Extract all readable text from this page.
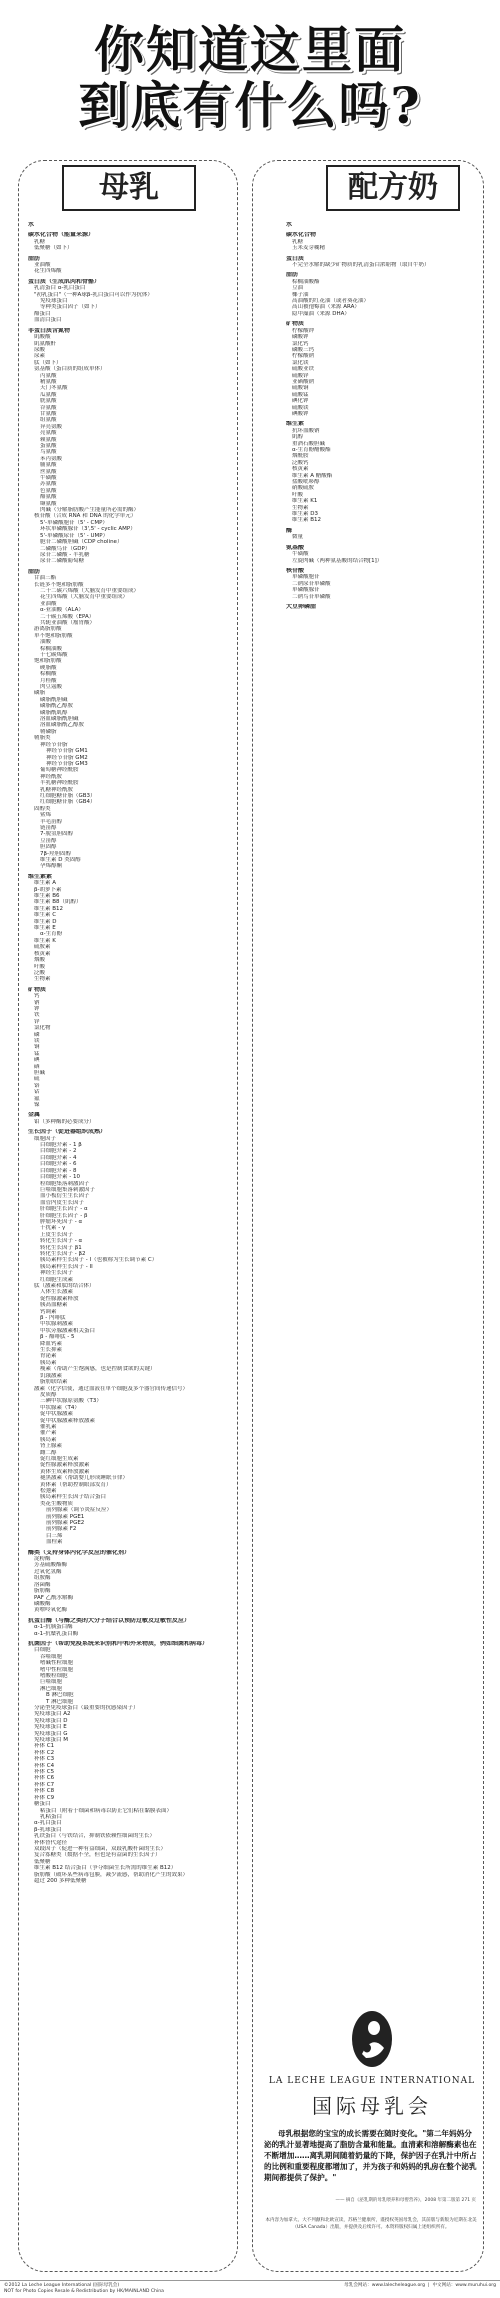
你知道这里面
到底有什么吗?
母乳	配方奶
水
碳水化合物（能量来源）
乳糖
低聚糖（如下）
脂肪
亚油酸
花生四烯酸
蛋白质（生成肌肉和骨骼）
乳清蛋白 α-乳白蛋白
"初乳蛋白"（一种A球β-乳白蛋白可以作为抗体）
免疫球蛋白
等种类蛋白因子（如下）
酪蛋白
血清白蛋白
非蛋白质含氮物
肌酸酸
肌氨酸酐
尿酸
尿素
肽（如下）
氨基酸（蛋白质的组成单体）
丙氨酸
精氨酸
天门冬氨酸
瓜氨酸
胱氨酸
谷氨酸
甘氨酸
组氨酸
异亮氨酸
亮氨酸
赖氨酸
蛋氨酸
鸟氨酸
苯丙氨酸
脯氨酸
丝氨酸
牛磺酸
苏氨酸
色氨酸
酪氨酸
缬氨酸
肉碱（分解脂肪酸产生能量所必需的酶）
核苷酸（合成 RNA 和 DNA 的化学单元）
5'-单磷酸胞苷（5' - CMP）
环状单磷酸腺苷（3',5' - cyclic AMP）
5'-单磷酸尿苷（5' - UMP）
胞苷二磷酸胆碱（CDP choline）
二磷酸鸟苷（GDP）
尿苷二磷酸 - 半乳糖
尿苷二磷酸葡萄糖
脂肪
甘油三酯
长链多不饱和脂肪酸
二十二碳六烯酸（大脑发育中重要组成）
花生四烯酸（大脑发育中重要组成）
亚油酸
α-亚油酸（ALA）
二十碳五烯酸（EPA）
共轭亚油酸（瘤胃酸）
游离脂肪酸
单不饱和脂肪酸
油酸
棕榈油酸
十七碳烯酸
饱和脂肪酸
硬脂酸
棕榈酸
月桂酸
肉豆蔻酸
磷脂
磷脂酰胆碱
磷脂酰乙醇胺
磷脂酰肌醇
溶血磷脂酰胆碱
溶血磷脂酰乙醇胺
鞘磷脂
鞘脂类
神经节苷脂
神经节苷脂 GM1
神经节苷脂 GM2
神经节苷脂 GM3
葡萄糖神经酰胺
神经酰胺
半乳糖神经酰胺
乳糖神经酰胺
红细胞糖苷脂（GB3）
红细胞糖苷脂（GB4）
固醇类
鲨烯
羊毛甾醇
链甾醇
7-脱氢胆固醇
豆甾醇
胆固醇
7β-羟胆固醇
维生素 D 类固醇
孕烯醇酮
维生素素
维生素 A
β-胡萝卜素
维生素 B6
维生素 B8（肌醇）
维生素 B12
维生素 C
维生素 D
维生素 E
α-生育酚
维生素 K
硫胺素
核黄素
烟酸
叶酸
泛酸
生物素
矿物质
钙
钠
钾
铁
锌
氯化物
磷
镁
铜
锰
碘
硒
胆碱
硫
铬
钴
氟
镍
金属
钼（多种酶的必要成分）
生长因子（促进器组织成熟）
细胞因子
白细胞介素 - 1 β
白细胞介素 - 2
白细胞介素 - 4
白细胞介素 - 6
白细胞介素 - 8
白细胞介素 - 10
粒细胞集落刺激因子
巨噬细胞集落刺激因子
血小板衍生生长因子
血管内皮生长因子
肝细胞生长因子 - α
肝细胞生长因子 - β
肿瘤坏死因子 - α
干扰素 - γ
上皮生长因子
转化生长因子 - α
转化生长因子 β1
转化生长因子 - β2
胰岛素样生长因子 - I（也被称为生长调节素 C）
胰岛素样生长因子 - II
神经生长因子
红细胞生成素
肽（激素和肽的结合体）
人体生长激素
促性腺激素释放
胰高血糖素
钙调素
β - 内啡肽
甲状腺刺激素
甲状旁腺激素相关蛋白
β - 酪啡肽 - 5
降血钙素
生长抑素
胃泌素
胰岛素
瘦素（帮助产生饱满感，也是控制食欲的关键）
饥饿激素
脂肪联结素
激素（化学信使，通过血液在单个细胞及多个器官间传递信号）
皮质醇
三碘甲状腺原氨酸（T3）
甲状腺素（T4）
促甲状腺激素
促甲状腺激素释放激素
催乳素
催产素
胰岛素
肾上腺素
雌二醇
促红细胞生成素
促性腺激素释放激素
黄体生成素释放激素
褪黑激素（帮助婴儿形成睡眠节律）
黄体素（帮助控制眼部发育）
松弛素
胰岛素样生长因子结合蛋白
类花生酸物质
前列腺素（调节炎症反应）
前列腺素 PGE1
前列腺素 PGE2
前列腺素 F2
白三烯
血栓素
酶类（支持身体内化学反应的催化剂）
淀粉酶
芳基硫酸酯酶
过氧化氢酶
组胺酶
溶菌酶
脂肪酶
PAF 乙酰水解酶
磷酸酶
黄嘌呤氧化酶
抗蛋白酶（与酶之类的大分子结合以预防过敏及过敏性反应）
α-1-抗胰蛋白酶
α-1-抗糜乳蛋白酶
抗菌因子（帮助免疫系统来识别和中和外来物质，例如细菌和病毒）
白细胞
吞噬细胞
嗜碱性粒细胞
嗜中性粒细胞
嗜酸粒细胞
巨噬细胞
淋巴细胞
B 淋巴细胞
T 淋巴细胞
分泌型免疫球蛋白（最重要的抗感染因子）
免疫球蛋白 A2
免疫球蛋白 D
免疫球蛋白 E
免疫球蛋白 G
免疫球蛋白 M
补体 C1
补体 C2
补体 C3
补体 C4
补体 C5
补体 C6
补体 C7
补体 C8
补体 C9
糖蛋白
粘蛋白（附着于细菌和病毒以防止它们粘在黏膜表面）
乳粘蛋白
α-乳白蛋白
β-乳球蛋白
乳铁蛋白（与铁结合，抑制铁依赖性细菌的生长）
补体替代途径
双歧因子（促进一种有益细菌，双歧乳酸杆菌的生长）
复合寡糖类（数据不全，但也是有益菌的生长因子）
低聚糖
维生素 B12 结合蛋白（争夺细菌生长所需的维生素 B12）
脂肪酸（破坏某些病毒包膜，减少流感，帮助消化产生的效果）
超过 200 多种低聚糖
水
碳水化合物
乳糖
玉米麦芽糊精
蛋白质
不完全水解的缺少矿物质的乳清蛋白浓缩物（取自牛奶）
脂肪
棕榈油酸酯
豆油
椰子油
高油酸的红花油（或者葵花油）
高山被孢霉油（来源 ARA）
隐甲藻油（来源 DHA）
矿物质
柠檬酸钾
磷酸钾
氯化钙
磷酸三钙
柠檬酸钠
氯化镁
硫酸亚铁
硫酸锌
亚硒酸钠
硫酸铜
硫酸锰
碘化钾
硫酸镁
碘酸钾
维生素
抗坏血酸钠
肌醇
重酒石酸胆碱
α-生育酚醋酸酯
烟酰胺
泛酸钙
核黄素
维生素 A 醋酸酯
盐酸吡哆醇
硝酸硫胺
叶酸
维生素 K1
生物素
维生素 D3
维生素 B12
酶
微量
氨基酸
牛磺酸
左旋肉碱（两种氨基酸的结合物[1]）
核苷酸
单磷酸胞苷
二钠尿苷单磷酸
单磷酸腺苷
二钠鸟苷单磷酸
大豆卵磷脂
LA LECHE LEAGUE INTERNATIONAL
国际母乳会
母乳根据您的宝宝的成长需要在随时变化。"第二年妈妈分泌的乳汁显著地提高了脂肪含量和能量。血清素和溶解酶素也在不断增加……离乳期间随着奶量的下降，保护因子在乳汁中所占的比例和重要程度都增加了，并为孩子和妈妈的乳房在整个泌乳期间都提供了保护。"
—— 摘自《泌乳期的母乳喂养和母婴营养》，2008 年第二版第 271 页
本内容为加拿大、大不列颠和北欧宣读，苏格兰健康所，谨授权英国母乳会，其前版与新版为近期在北美（USA Canada）出版，并提供及后续许可。本资料版权归属上述组织所有。
©2012 La Leche League International (国际母乳会)
NOT for Photo Copies Resale & Redistribution by HK/MAINLAND China
母乳会网站：www.lalecheleague.org  |  中文网站：www.muruhui.org
